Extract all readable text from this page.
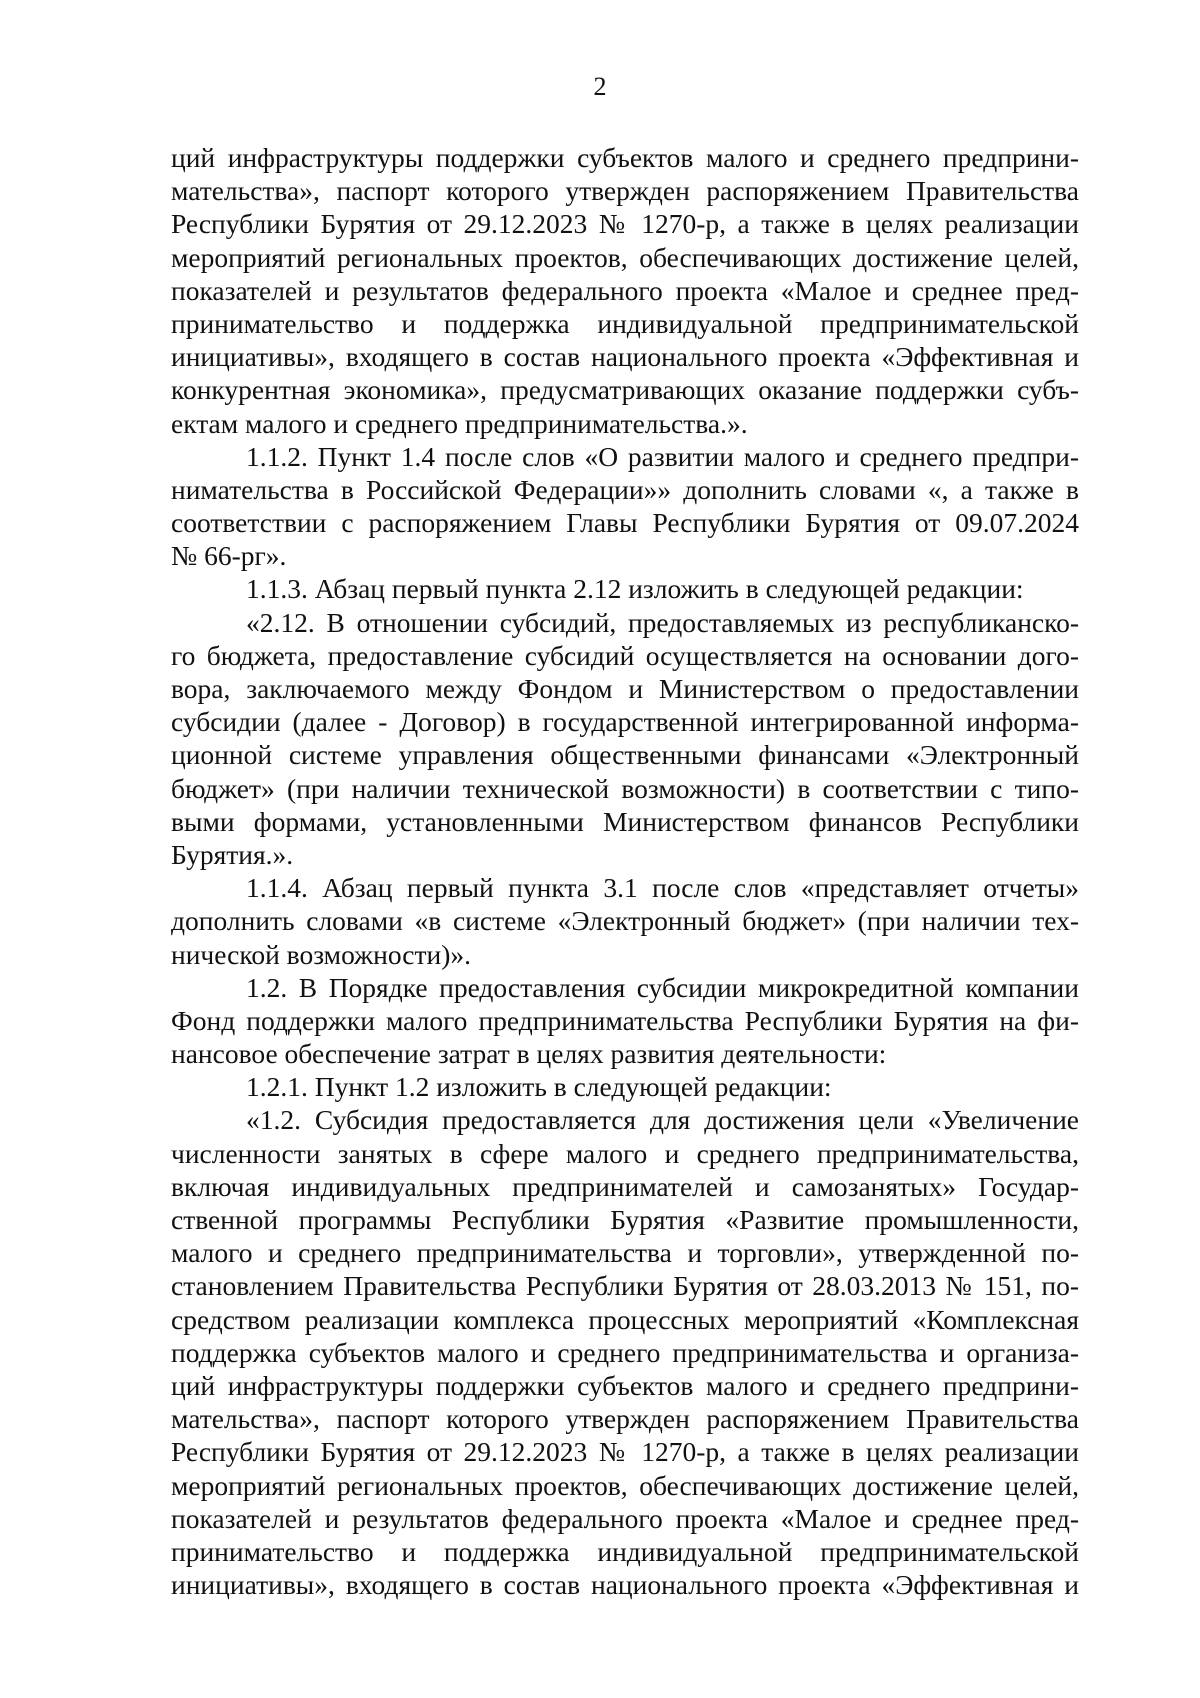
2
ций инфраструктуры поддержки субъектов малого и среднего предприни-
мательства», паспорт которого утвержден распоряжением Правительства
Республики Бурятия от 29.12.2023 № 1270-р, а также в целях реализации
мероприятий региональных проектов, обеспечивающих достижение целей,
показателей и результатов федерального проекта «Малое и среднее пред-
принимательство и поддержка индивидуальной предпринимательской
инициативы», входящего в состав национального проекта «Эффективная и
конкурентная экономика», предусматривающих оказание поддержки субъ-
ектам малого и среднего предпринимательства.».
1.1.2. Пункт 1.4 после слов «О развитии малого и среднего предпри-
нимательства в Российской Федерации»» дополнить словами «, а также в
соответствии с распоряжением Главы Республики Бурятия от 09.07.2024
№ 66-рг».
1.1.3. Абзац первый пункта 2.12 изложить в следующей редакции:
«2.12. В отношении субсидий, предоставляемых из республиканско-
го бюджета, предоставление субсидий осуществляется на основании дого-
вора, заключаемого между Фондом и Министерством о предоставлении
субсидии (далее - Договор) в государственной интегрированной информа-
ционной системе управления общественными финансами «Электронный
бюджет» (при наличии технической возможности) в соответствии с типо-
выми формами, установленными Министерством финансов Республики
Бурятия.».
1.1.4. Абзац первый пункта 3.1 после слов «представляет отчеты»
дополнить словами «в системе «Электронный бюджет» (при наличии тех-
нической возможности)».
1.2. В Порядке предоставления субсидии микрокредитной компании
Фонд поддержки малого предпринимательства Республики Бурятия на фи-
нансовое обеспечение затрат в целях развития деятельности:
1.2.1. Пункт 1.2 изложить в следующей редакции:
«1.2. Субсидия предоставляется для достижения цели «Увеличение
численности занятых в сфере малого и среднего предпринимательства,
включая индивидуальных предпринимателей и самозанятых» Государ-
ственной программы Республики Бурятия «Развитие промышленности,
малого и среднего предпринимательства и торговли», утвержденной по-
становлением Правительства Республики Бурятия от 28.03.2013 № 151, по-
средством реализации комплекса процессных мероприятий «Комплексная
поддержка субъектов малого и среднего предпринимательства и организа-
ций инфраструктуры поддержки субъектов малого и среднего предприни-
мательства», паспорт которого утвержден распоряжением Правительства
Республики Бурятия от 29.12.2023 № 1270-р, а также в целях реализации
мероприятий региональных проектов, обеспечивающих достижение целей,
показателей и результатов федерального проекта «Малое и среднее пред-
принимательство и поддержка индивидуальной предпринимательской
инициативы», входящего в состав национального проекта «Эффективная и
